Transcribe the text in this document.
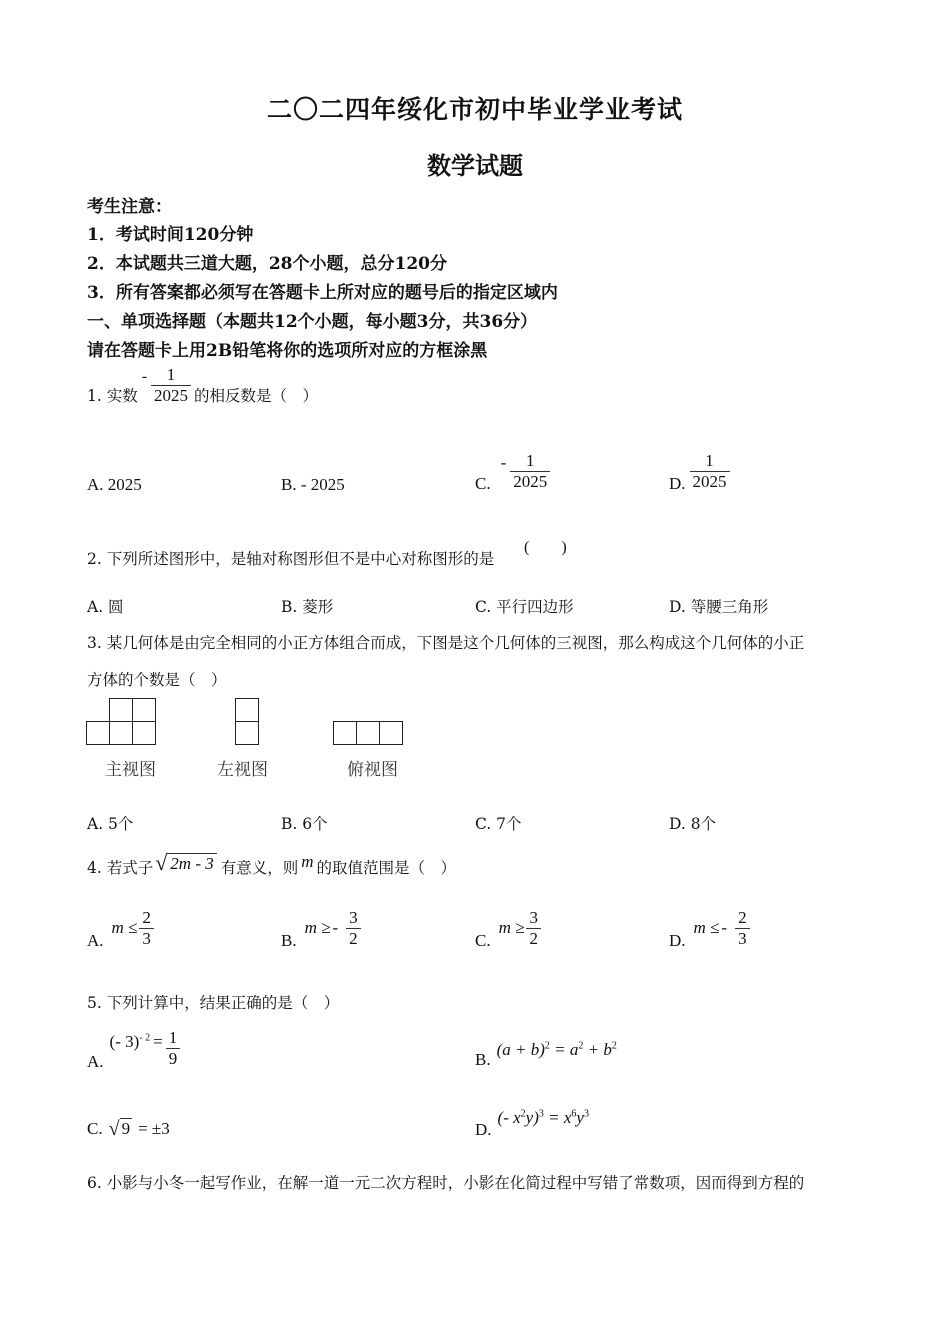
二〇二四年绥化市初中毕业学业考试
数学试题
考生注意：
1．考试时间120分钟
2．本试题共三道大题，28个小题，总分120分
3．所有答案都必须写在答题卡上所对应的题号后的指定区域内
一、单项选择题（本题共12个小题，每小题3分，共36分）
请在答题卡上用2B铅笔将你的选项所对应的方框涂黑
1. 实数
- $\frac{1}{2025}$ 的相反数是（　）
A. 2025	B. - 2025	C.
- $\frac{1}{2025}$	D. $\frac{1}{2025}$
2. 下列所述图形中，是轴对称图形但不是中心对称图形的是
(　　)
A. 圆	B. 菱形	C. 平行四边形	D. 等腰三角形
3. 某几何体是由完全相同的小正方体组合而成，下图是这个几何体的三视图，那么构成这个几何体的小正
方体的个数是（　）
主视图	左视图	俯视图
A. 5个	B. 6个	C. 7个	D. 8个
4. 若式子 √ 2m - 3 有意义，则 m 的取值范围是（　）
A.
$m \le \frac{2}{3}$	B.
m ≥ - $\frac{3}{2}$	C.
$m \ge \frac{3}{2}$	D.
m ≤ - $\frac{2}{3}$
5. 下列计算中，结果正确的是（　）
A.
(- $3)^{- 2} = \frac{1}{9}$	$B.(a + b)^2 = a^2 + b^2$
C. √ 9 = ±3	D.(- $x^2y)^3 = x^6y^3$
6. 小影与小冬一起写作业，在解一道一元二次方程时，小影在化简过程中写错了常数项，因而得到方程的
